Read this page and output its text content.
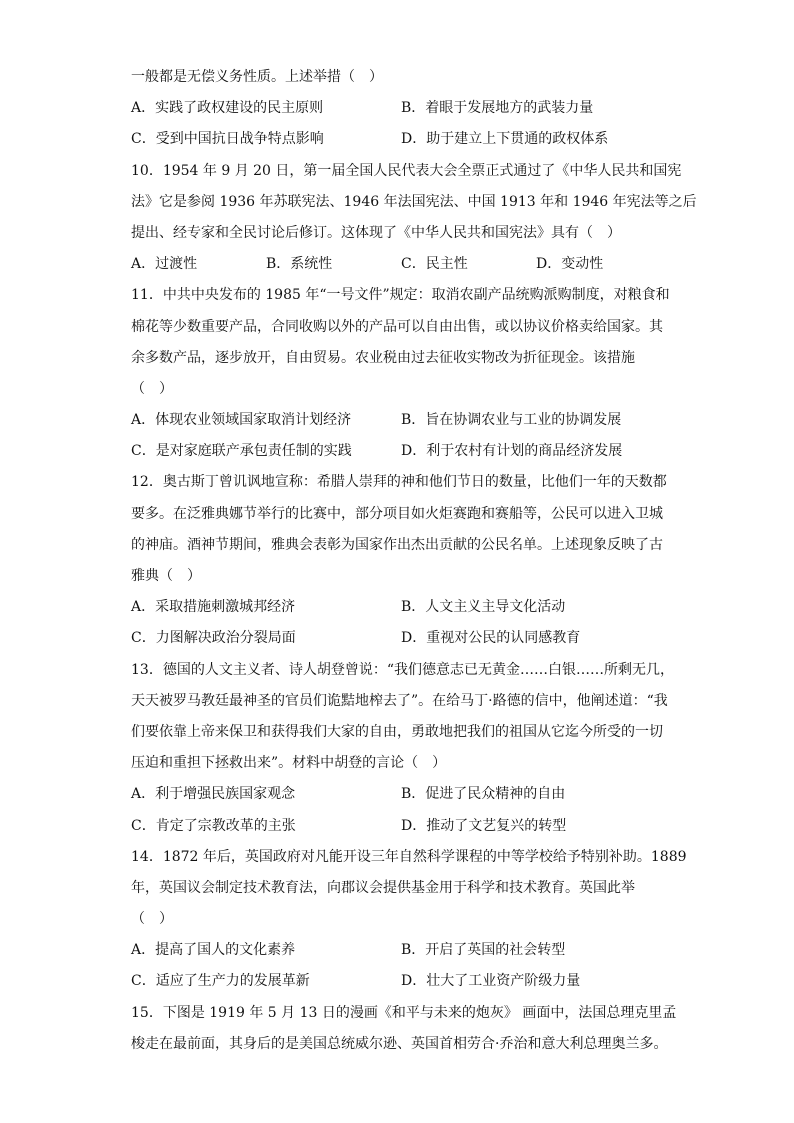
一般都是无偿义务性质。上述举措（　）
A．实践了政权建设的民主原则	B．着眼于发展地方的武装力量
C．受到中国抗日战争特点影响	D．助于建立上下贯通的政权体系
10．1954 年 9 月 20 日，第一届全国人民代表大会全票正式通过了《中华人民共和国宪
法》它是参阅 1936 年苏联宪法、1946 年法国宪法、中国 1913 年和 1946 年宪法等之后
提出、经专家和全民讨论后修订。这体现了《中华人民共和国宪法》具有（　）
A．过渡性	B．系统性	C．民主性	D．变动性
11．中共中央发布的 1985 年“一号文件”规定：取消农副产品统购派购制度，对粮食和
棉花等少数重要产品，合同收购以外的产品可以自由出售，或以协议价格卖给国家。其
余多数产品，逐步放开，自由贸易。农业税由过去征收实物改为折征现金。该措施
（　）
A．体现农业领域国家取消计划经济	B．旨在协调农业与工业的协调发展
C．是对家庭联产承包责任制的实践	D．利于农村有计划的商品经济发展
12．奥古斯丁曾讥讽地宣称：希腊人崇拜的神和他们节日的数量，比他们一年的天数都
要多。在泛雅典娜节举行的比赛中，部分项目如火炬赛跑和赛船等，公民可以进入卫城
的神庙。酒神节期间，雅典会表彰为国家作出杰出贡献的公民名单。上述现象反映了古
雅典（　）
A．采取措施刺激城邦经济	B．人文主义主导文化活动
C．力图解决政治分裂局面	D．重视对公民的认同感教育
13．德国的人文主义者、诗人胡登曾说：“我们德意志已无黄金……白银……所剩无几，
天天被罗马教廷最神圣的官员们诡黠地榨去了”。在给马丁·路德的信中，他阐述道：“我
们要依靠上帝来保卫和获得我们大家的自由，勇敢地把我们的祖国从它迄今所受的一切
压迫和重担下拯救出来”。材料中胡登的言论（　）
A．利于增强民族国家观念	B．促进了民众精神的自由
C．肯定了宗教改革的主张	D．推动了文艺复兴的转型
14．1872 年后，英国政府对凡能开设三年自然科学课程的中等学校给予特别补助。1889
年，英国议会制定技术教育法，向郡议会提供基金用于科学和技术教育。英国此举
（　）
A．提高了国人的文化素养	B．开启了英国的社会转型
C．适应了生产力的发展革新	D．壮大了工业资产阶级力量
15．下图是 1919 年 5 月 13 日的漫画《和平与未来的炮灰》 画面中，法国总理克里孟
梭走在最前面，其身后的是美国总统威尔逊、英国首相劳合·乔治和意大利总理奥兰多。
